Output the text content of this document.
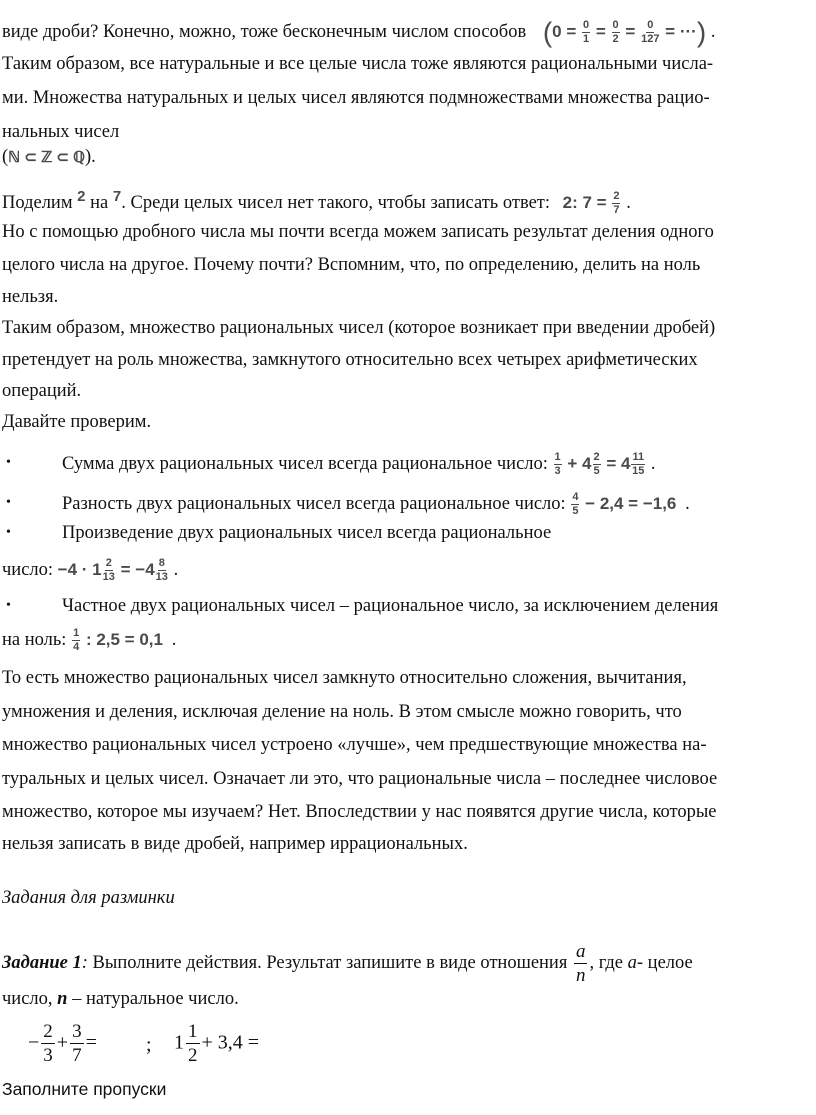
виде дроби? Конечно, можно, тоже бесконечным числом способов ($0 = \frac{0}{1} = \frac{0}{2} = \frac{0}{127}$ = ···) .
Таким образом, все натуральные и все целые числа тоже являются рациональными числа-
ми. Множества натуральных и целых чисел являются подмножествами множества рацио-
нальных чисел
(ℕ ⊂ ℤ ⊂ ℚ).
Поделим $^2$ на $^7$. Среди целых чисел нет такого, чтобы записать ответ: 2: $7 = \frac{2}{7}$ .
Но с помощью дробного числа мы почти всегда можем записать результат деления одного
целого числа на другое. Почему почти? Вспомним, что, по определению, делить на ноль
нельзя.
Таким образом, множество рациональных чисел (которое возникает при введении дробей)
претендует на роль множества, замкнутого относительно всех четырех арифметических
операций.
Давайте проверим.
•	Сумма двух рациональных чисел всегда рациональное число: $\frac{1}{3} + 4 \frac{2}{5} = 4 \frac{11}{15}$ .
•	Разность двух рациональных чисел всегда рациональное число: $\frac{4}{5} - 2,4 = -1,6$ .
•	Произведение двух рациональных чисел всегда рациональное
число: $-4 \cdot 1 \frac{2}{13} = -4 \frac{8}{13}$ .
•	Частное двух рациональных чисел – рациональное число, за исключением деления
на ноль: $\frac{1}{4}$ : 2,5 = 0,1 .
То есть множество рациональных чисел замкнуто относительно сложения, вычитания,
умножения и деления, исключая деление на ноль. В этом смысле можно говорить, что
множество рациональных чисел устроено «лучше», чем предшествующие множества на-
туральных и целых чисел. Означает ли это, что рациональные числа – последнее числовое
множество, которое мы изучаем? Нет. Впоследствии у нас появятся другие числа, которые
нельзя записать в виде дробей, например иррациональных.
Задания для разминки
Задание 1: Выполните действия. Результат запишите в виде отношения $\frac{a}{n}$ , где a- целое
число, n – натуральное число.
− $\frac{2}{3} + \frac{3}{7}$ = ; $1 \frac{1}{2} + 3,4$ =
Заполните пропуски
